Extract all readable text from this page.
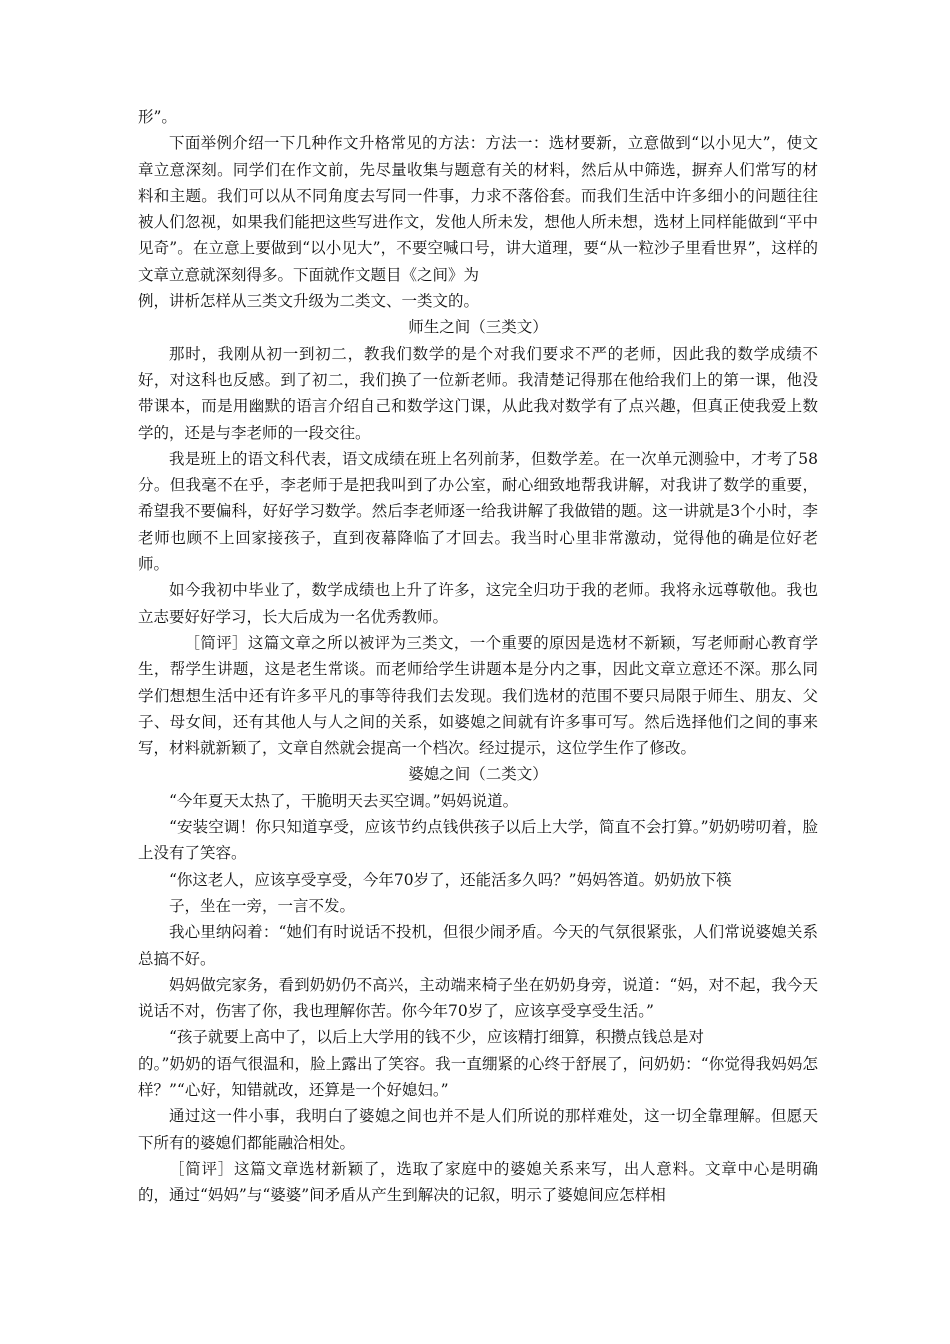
形”。

下面举例介绍一下几种作文升格常见的方法：方法一：选材要新，立意做到“以小见大”，使文章立意深刻。同学们在作文前，先尽量收集与题意有关的材料，然后从中筛选，摒弃人们常写的材料和主题。我们可以从不同角度去写同一件事，力求不落俗套。而我们生活中许多细小的问题往往被人们忽视，如果我们能把这些写进作文，发他人所未发，想他人所未想，选材上同样能做到“平中见奇”。在立意上要做到“以小见大”，不要空喊口号，讲大道理，要“从一粒沙子里看世界”，这样的文章立意就深刻得多。下面就作文题目《之间》为

例，讲析怎样从三类文升级为二类文、一类文的。

师生之间（三类文）

那时，我刚从初一到初二，教我们数学的是个对我们要求不严的老师，因此我的数学成绩不好，对这科也反感。到了初二，我们换了一位新老师。我清楚记得那在他给我们上的第一课，他没带课本，而是用幽默的语言介绍自己和数学这门课，从此我对数学有了点兴趣，但真正使我爱上数学的，还是与李老师的一段交往。

我是班上的语文科代表，语文成绩在班上名列前茅，但数学差。在一次单元测验中，才考了58分。但我毫不在乎，李老师于是把我叫到了办公室，耐心细致地帮我讲解，对我讲了数学的重要，希望我不要偏科，好好学习数学。然后李老师逐一给我讲解了我做错的题。这一讲就是3个小时，李老师也顾不上回家接孩子，直到夜幕降临了才回去。我当时心里非常激动，觉得他的确是位好老师。

如今我初中毕业了，数学成绩也上升了许多，这完全归功于我的老师。我将永远尊敬他。我也立志要好好学习，长大后成为一名优秀教师。

［简评］这篇文章之所以被评为三类文，一个重要的原因是选材不新颖，写老师耐心教育学生，帮学生讲题，这是老生常谈。而老师给学生讲题本是分内之事，因此文章立意还不深。那么同学们想想生活中还有许多平凡的事等待我们去发现。我们选材的范围不要只局限于师生、朋友、父子、母女间，还有其他人与人之间的关系，如婆媳之间就有许多事可写。然后选择他们之间的事来写，材料就新颖了，文章自然就会提高一个档次。经过提示，这位学生作了修改。

婆媳之间（二类文）

“今年夏天太热了，干脆明天去买空调。”妈妈说道。

“安装空调！你只知道享受，应该节约点钱供孩子以后上大学，简直不会打算。”奶奶唠叨着，脸上没有了笑容。

“你这老人，应该享受享受，今年70岁了，还能活多久吗？”妈妈答道。奶奶放下筷

子，坐在一旁，一言不发。

我心里纳闷着：“她们有时说话不投机，但很少闹矛盾。今天的气氛很紧张，人们常说婆媳关系总搞不好。

妈妈做完家务，看到奶奶仍不高兴，主动端来椅子坐在奶奶身旁，说道：“妈，对不起，我今天说话不对，伤害了你，我也理解你苦。你今年70岁了，应该享受享受生活。”

“孩子就要上高中了，以后上大学用的钱不少，应该精打细算，积攒点钱总是对

的。”奶奶的语气很温和，脸上露出了笑容。我一直绷紧的心终于舒展了，问奶奶：“你觉得我妈妈怎样？”“心好，知错就改，还算是一个好媳妇。”

通过这一件小事，我明白了婆媳之间也并不是人们所说的那样难处，这一切全靠理解。但愿天下所有的婆媳们都能融洽相处。

［简评］这篇文章选材新颖了，选取了家庭中的婆媳关系来写，出人意料。文章中心是明确的，通过“妈妈”与“婆婆”间矛盾从产生到解决的记叙，明示了婆媳间应怎样相
